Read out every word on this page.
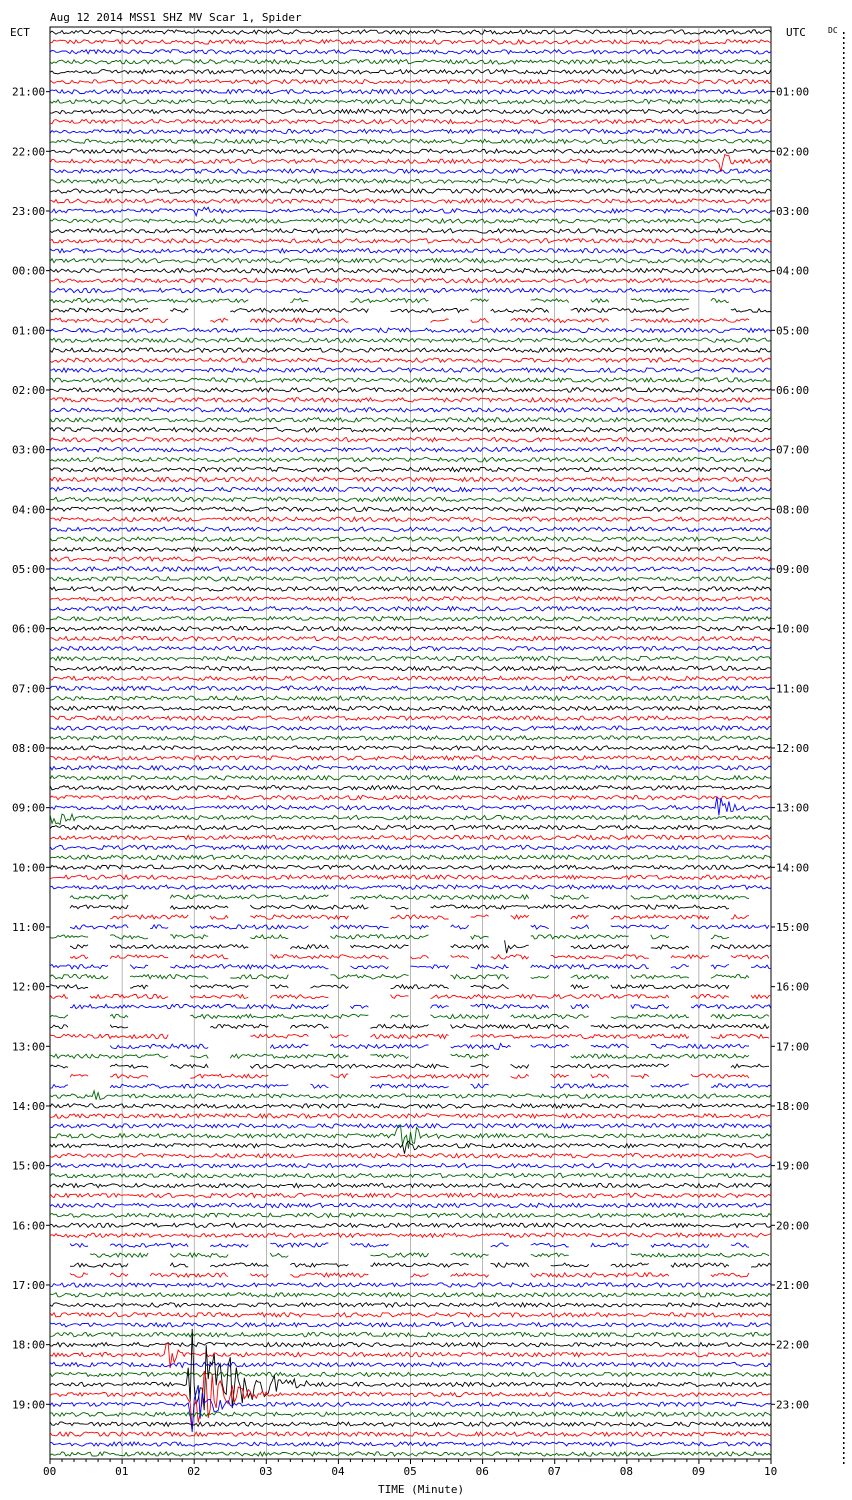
Aug 12 2014 MSS1 SHZ MV Scar 1, Spider
ECT	UTC	DC
TIME (Minute)
00	01	02	03	04	05	06	07	08	09	10
21:00
22:00
23:00
00:00
01:00
02:00
03:00
04:00
05:00
06:00
07:00
08:00
09:00
10:00
11:00
12:00
13:00
14:00
15:00
16:00
17:00
18:00
19:00
01:00
02:00
03:00
04:00
05:00
06:00
07:00
08:00
09:00
10:00
11:00
12:00
13:00
14:00
15:00
16:00
17:00
18:00
19:00
20:00
21:00
22:00
23:00
